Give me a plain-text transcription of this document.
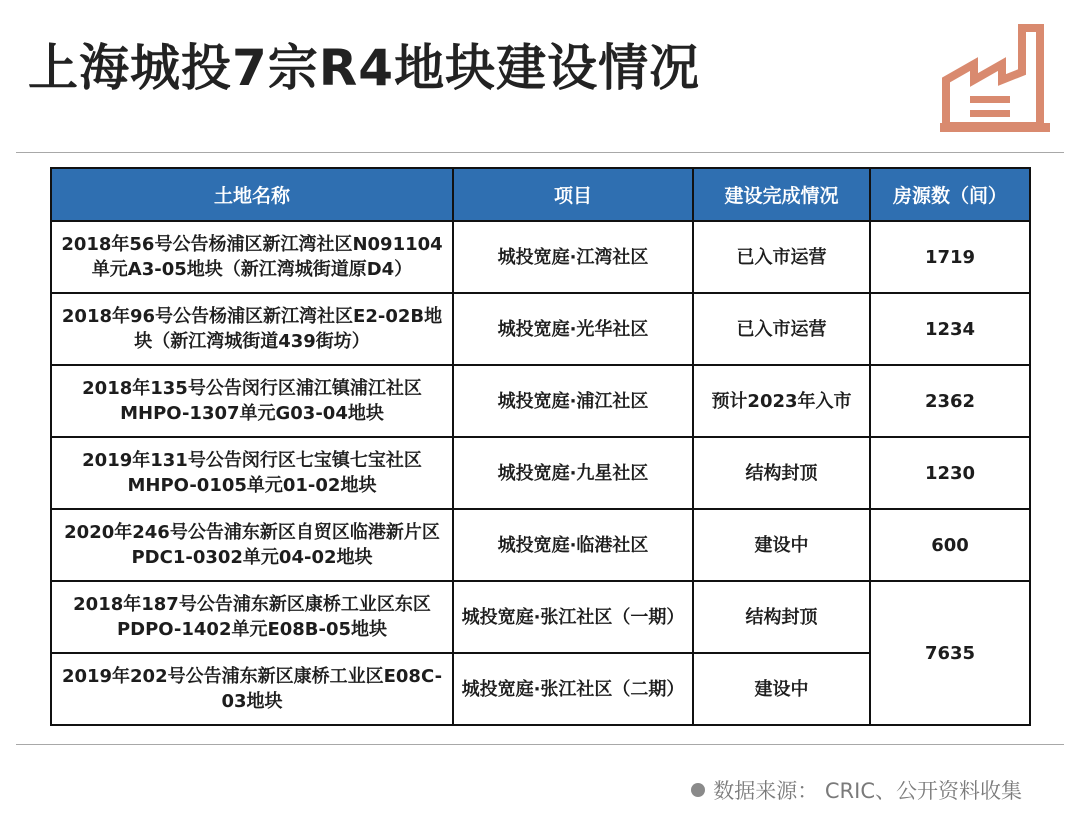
上海城投7宗R4地块建设情况
土地名称	项目	建设完成情况	房源数（间）
2018年56号公告杨浦区新江湾社区N091104单元A3-05地块（新江湾城街道原D4）	城投宽庭·江湾社区	已入市运营	1719
2018年96号公告杨浦区新江湾社区E2-02B地块（新江湾城街道439街坊）	城投宽庭·光华社区	已入市运营	1234
2018年135号公告闵行区浦江镇浦江社区MHPO-1307单元G03-04地块	城投宽庭·浦江社区	预计2023年入市	2362
2019年131号公告闵行区七宝镇七宝社区MHPO-0105单元01-02地块	城投宽庭·九星社区	结构封顶	1230
2020年246号公告浦东新区自贸区临港新片区PDC1-0302单元04-02地块	城投宽庭·临港社区	建设中	600
2018年187号公告浦东新区康桥工业区东区PDPO-1402单元E08B-05地块	城投宽庭·张江社区（一期）	结构封顶	7635
2019年202号公告浦东新区康桥工业区E08C-03地块	城投宽庭·张江社区（二期）	建设中	
数据来源： CRIC、公开资料收集
